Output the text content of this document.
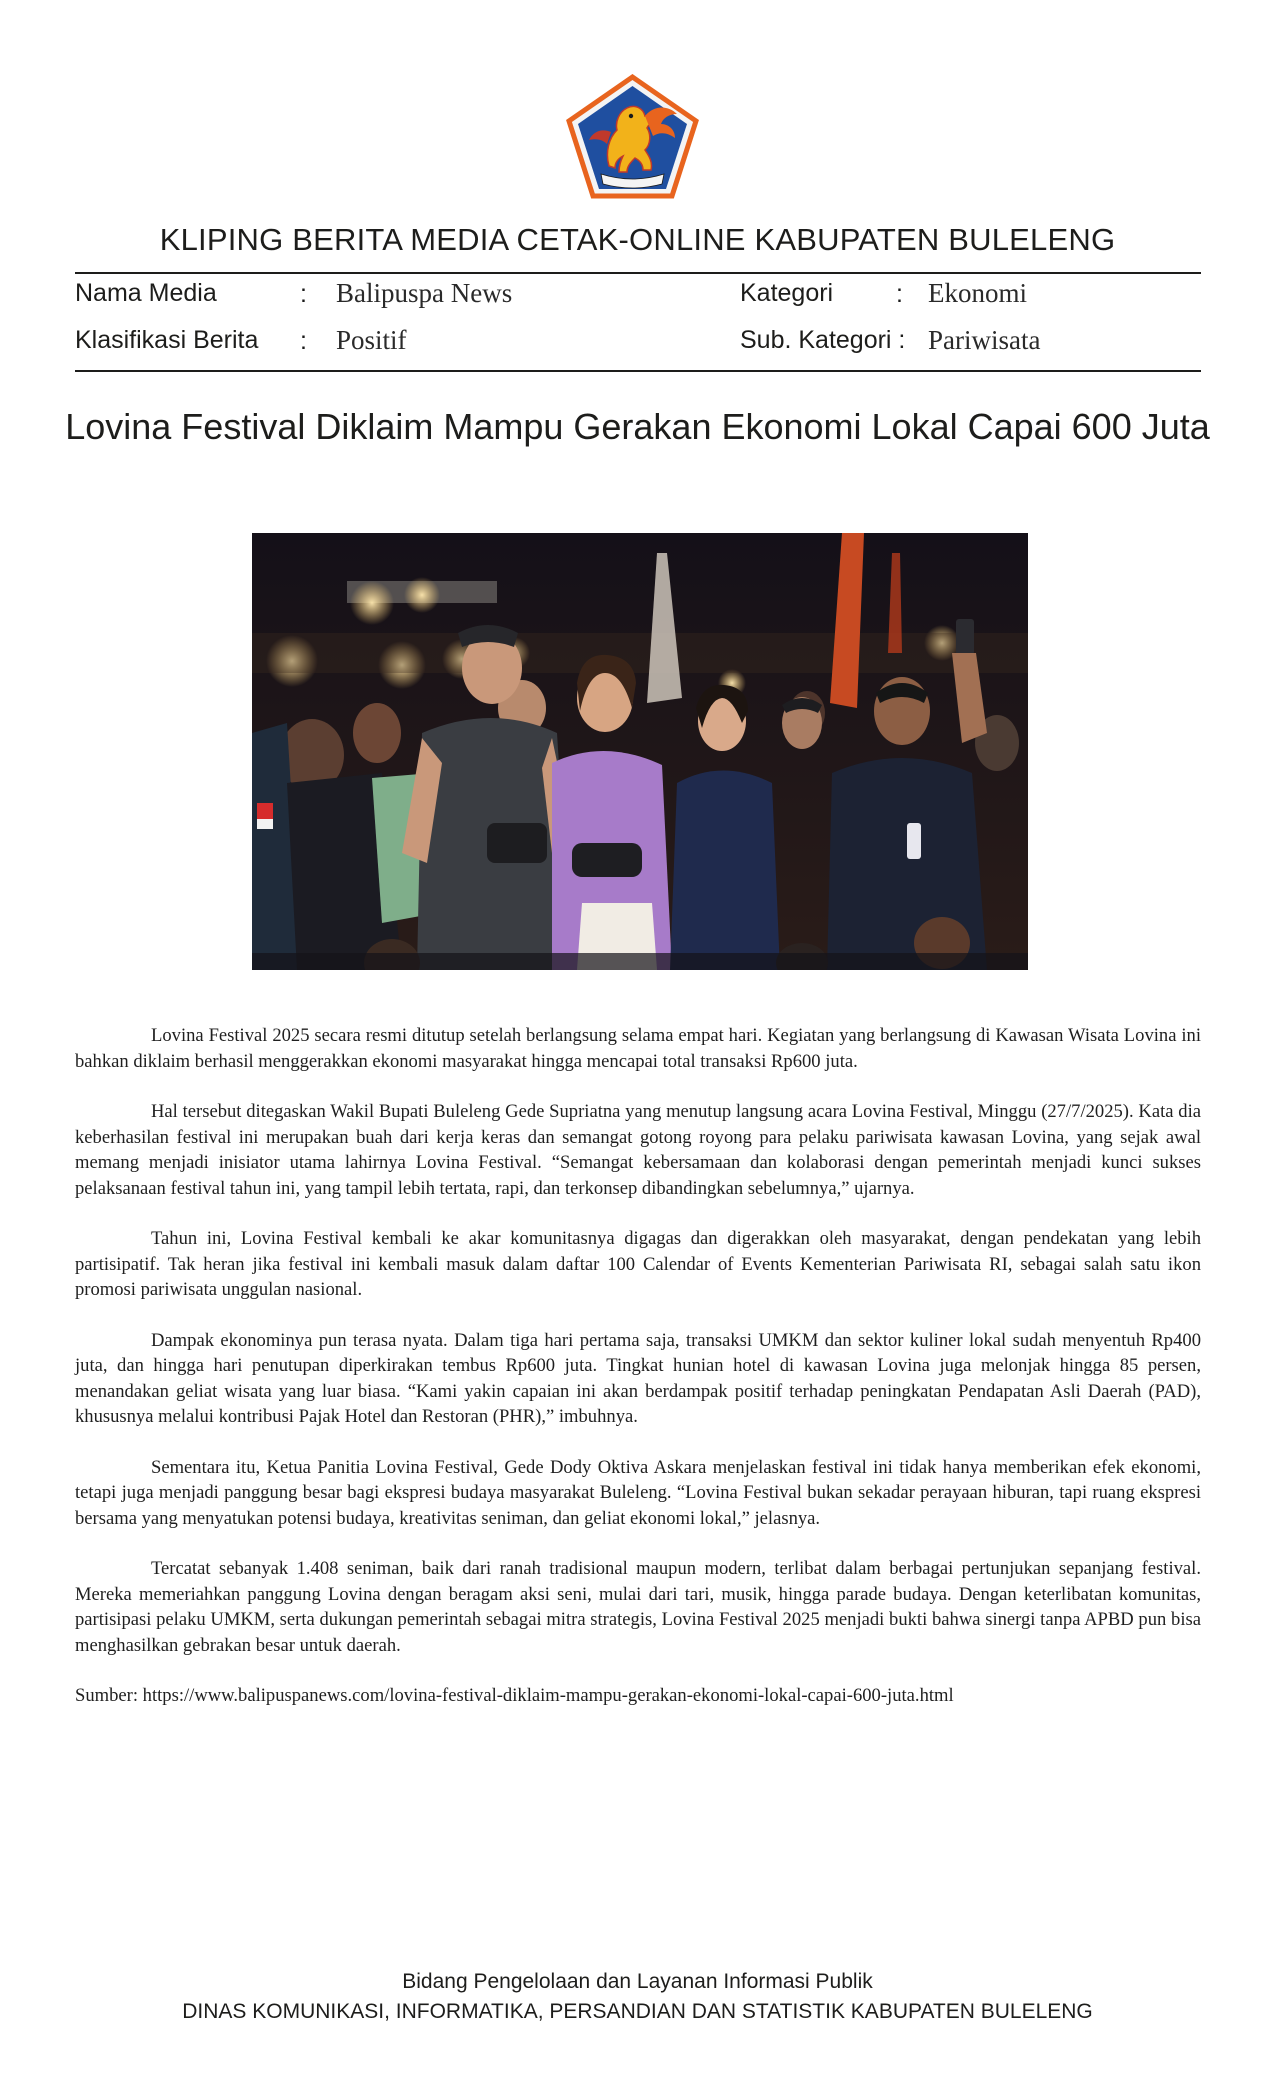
KLIPING BERITA MEDIA CETAK-ONLINE KABUPATEN BULELENG
Nama Media	: Balipuspa News
Klasifikasi Berita : Positif
Kategori	: Ekonomi
Sub. Kategori : Pariwisata
Lovina Festival Diklaim Mampu Gerakan Ekonomi Lokal Capai 600 Juta

Lovina Festival 2025 secara resmi ditutup setelah berlangsung selama empat hari. Kegiatan yang berlangsung di Kawasan Wisata Lovina ini bahkan diklaim berhasil menggerakkan ekonomi masyarakat hingga mencapai total transaksi Rp600 juta.

Hal tersebut ditegaskan Wakil Bupati Buleleng Gede Supriatna yang menutup langsung acara Lovina Festival, Minggu (27/7/2025). Kata dia keberhasilan festival ini merupakan buah dari kerja keras dan semangat gotong royong para pelaku pariwisata kawasan Lovina, yang sejak awal memang menjadi inisiator utama lahirnya Lovina Festival. “Semangat kebersamaan dan kolaborasi dengan pemerintah menjadi kunci sukses pelaksanaan festival tahun ini, yang tampil lebih tertata, rapi, dan terkonsep dibandingkan sebelumnya,” ujarnya.

Tahun ini, Lovina Festival kembali ke akar komunitasnya digagas dan digerakkan oleh masyarakat, dengan pendekatan yang lebih partisipatif. Tak heran jika festival ini kembali masuk dalam daftar 100 Calendar of Events Kementerian Pariwisata RI, sebagai salah satu ikon promosi pariwisata unggulan nasional.

Dampak ekonominya pun terasa nyata. Dalam tiga hari pertama saja, transaksi UMKM dan sektor kuliner lokal sudah menyentuh Rp400 juta, dan hingga hari penutupan diperkirakan tembus Rp600 juta. Tingkat hunian hotel di kawasan Lovina juga melonjak hingga 85 persen, menandakan geliat wisata yang luar biasa. “Kami yakin capaian ini akan berdampak positif terhadap peningkatan Pendapatan Asli Daerah (PAD), khususnya melalui kontribusi Pajak Hotel dan Restoran (PHR),” imbuhnya.

Sementara itu, Ketua Panitia Lovina Festival, Gede Dody Oktiva Askara menjelaskan festival ini tidak hanya memberikan efek ekonomi, tetapi juga menjadi panggung besar bagi ekspresi budaya masyarakat Buleleng. “Lovina Festival bukan sekadar perayaan hiburan, tapi ruang ekspresi bersama yang menyatukan potensi budaya, kreativitas seniman, dan geliat ekonomi lokal,” jelasnya.

Tercatat sebanyak 1.408 seniman, baik dari ranah tradisional maupun modern, terlibat dalam berbagai pertunjukan sepanjang festival. Mereka memeriahkan panggung Lovina dengan beragam aksi seni, mulai dari tari, musik, hingga parade budaya. Dengan keterlibatan komunitas, partisipasi pelaku UMKM, serta dukungan pemerintah sebagai mitra strategis, Lovina Festival 2025 menjadi bukti bahwa sinergi tanpa APBD pun bisa menghasilkan gebrakan besar untuk daerah.

Sumber: https://www.balipuspanews.com/lovina-festival-diklaim-mampu-gerakan-ekonomi-lokal-capai-600-juta.html

Bidang Pengelolaan dan Layanan Informasi Publik
DINAS KOMUNIKASI, INFORMATIKA, PERSANDIAN DAN STATISTIK KABUPATEN BULELENG
